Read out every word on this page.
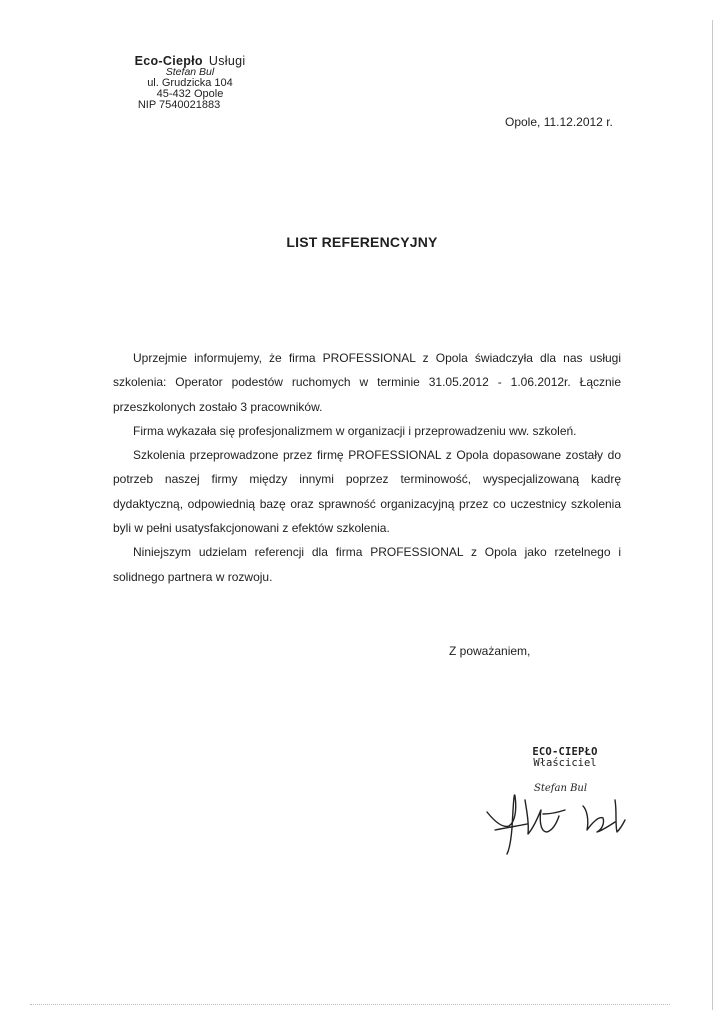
Eco-Ciepło Usługi
Stefan Bul
ul. Grudzicka 104
45-432 Opole
NIP 7540021883
Opole, 11.12.2012 r.
LIST REFERENCYJNY

Uprzejmie informujemy, że firma PROFESSIONAL z Opola świadczyła dla nas usługi szkolenia: Operator podestów ruchomych w terminie 31.05.2012 - 1.06.2012r. Łącznie przeszkolonych zostało 3 pracowników.

Firma wykazała się profesjonalizmem w organizacji i przeprowadzeniu ww. szkoleń.

Szkolenia przeprowadzone przez firmę PROFESSIONAL z Opola dopasowane zostały do potrzeb naszej firmy między innymi poprzez terminowość, wyspecjalizowaną kadrę dydaktyczną, odpowiednią bazę oraz sprawność organizacyjną przez co uczestnicy szkolenia byli w pełni usatysfakcjonowani z efektów szkolenia.

Niniejszym udzielam referencji dla firma PROFESSIONAL z Opola jako rzetelnego i solidnego partnera w rozwoju.

Z poważaniem,
ECO-CIEPŁO
Właściciel
Stefan Bul
